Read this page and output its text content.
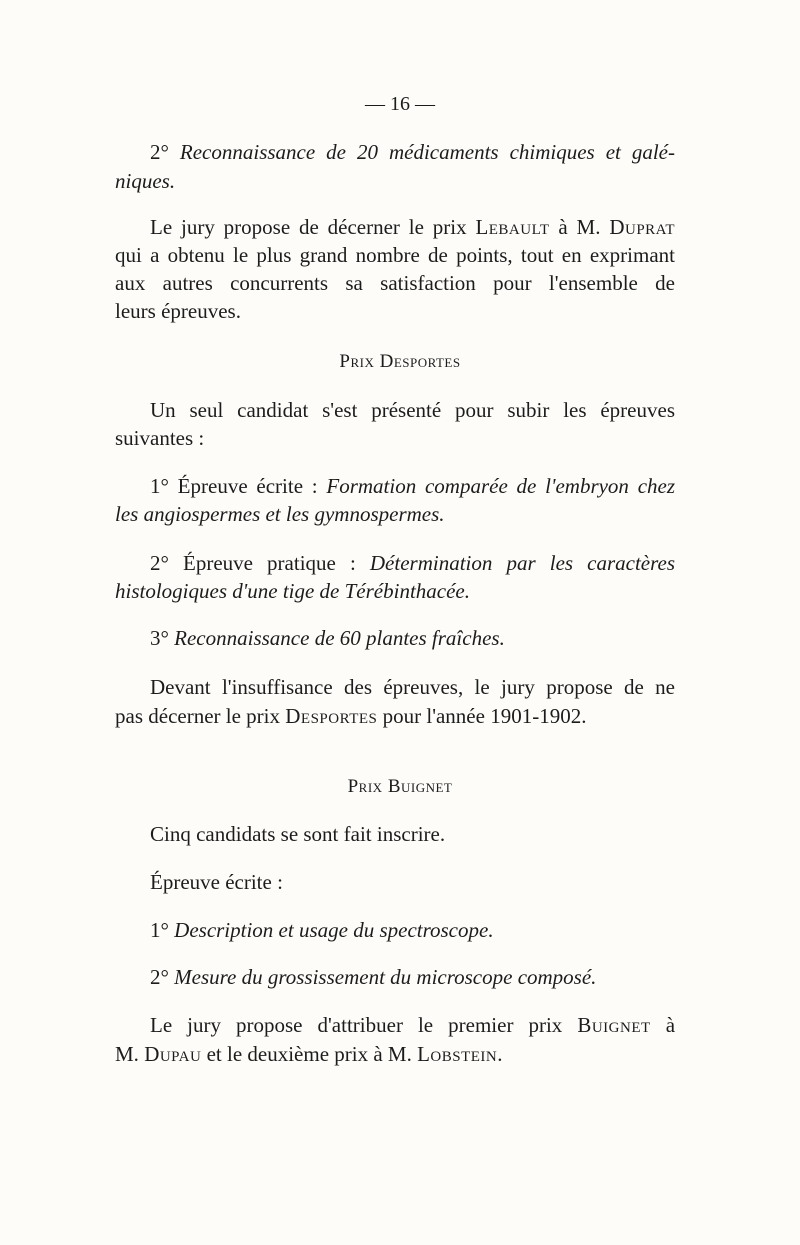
— 16 —
2° Reconnaissance de 20 médicaments chimiques et galé-
niques.
Le jury propose de décerner le prix Lebault à M. Duprat
qui a obtenu le plus grand nombre de points, tout en exprimant
aux autres concurrents sa satisfaction pour l'ensemble de
leurs épreuves.
Prix Desportes
Un seul candidat s'est présenté pour subir les épreuves
suivantes :
1° Épreuve écrite : Formation comparée de l'embryon chez
les angiospermes et les gymnospermes.
2° Épreuve pratique : Détermination par les caractères
histologiques d'une tige de Térébinthacée.
3° Reconnaissance de 60 plantes fraîches.
Devant l'insuffisance des épreuves, le jury propose de ne
pas décerner le prix Desportes pour l'année 1901-1902.
Prix Buignet
Cinq candidats se sont fait inscrire.
Épreuve écrite :
1° Description et usage du spectroscope.
2° Mesure du grossissement du microscope composé.
Le jury propose d'attribuer le premier prix Buignet à
M. Dupau et le deuxième prix à M. Lobstein.
